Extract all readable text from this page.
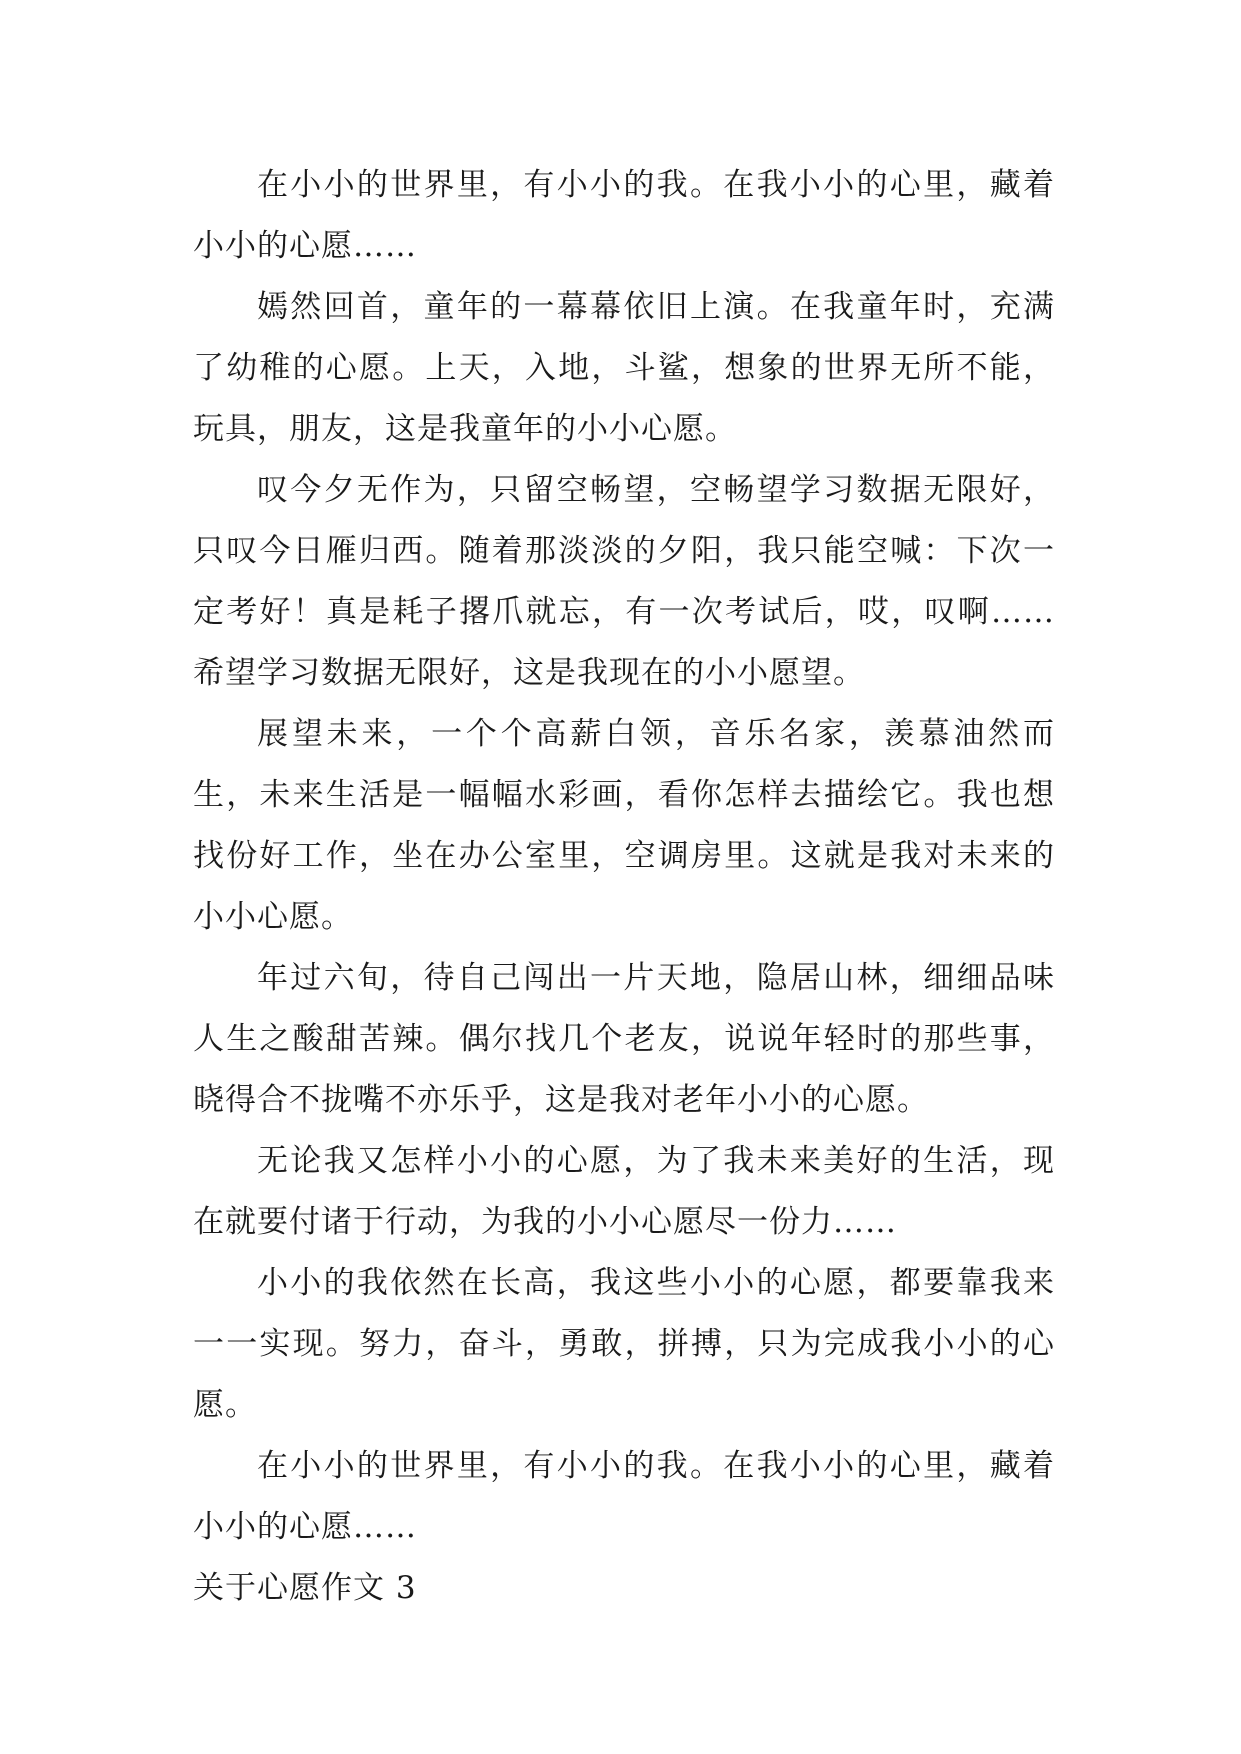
在小小的世界里，有小小的我。在我小小的心里，藏着小小的心愿……

嫣然回首，童年的一幕幕依旧上演。在我童年时，充满了幼稚的心愿。上天，入地，斗鲨，想象的世界无所不能，玩具，朋友，这是我童年的小小心愿。

叹今夕无作为，只留空畅望，空畅望学习数据无限好，只叹今日雁归西。随着那淡淡的夕阳，我只能空喊：下次一定考好！真是耗子撂爪就忘，有一次考试后，哎，叹啊……希望学习数据无限好，这是我现在的小小愿望。

展望未来，一个个高薪白领，音乐名家，羡慕油然而生，未来生活是一幅幅水彩画，看你怎样去描绘它。我也想找份好工作，坐在办公室里，空调房里。这就是我对未来的小小心愿。

年过六旬，待自己闯出一片天地，隐居山林，细细品味人生之酸甜苦辣。偶尔找几个老友，说说年轻时的那些事，晓得合不拢嘴不亦乐乎，这是我对老年小小的心愿。

无论我又怎样小小的心愿，为了我未来美好的生活，现在就要付诸于行动，为我的小小心愿尽一份力……

小小的我依然在长高，我这些小小的心愿，都要靠我来一一实现。努力，奋斗，勇敢，拼搏，只为完成我小小的心愿。

在小小的世界里，有小小的我。在我小小的心里，藏着小小的心愿……

关于心愿作文 3
